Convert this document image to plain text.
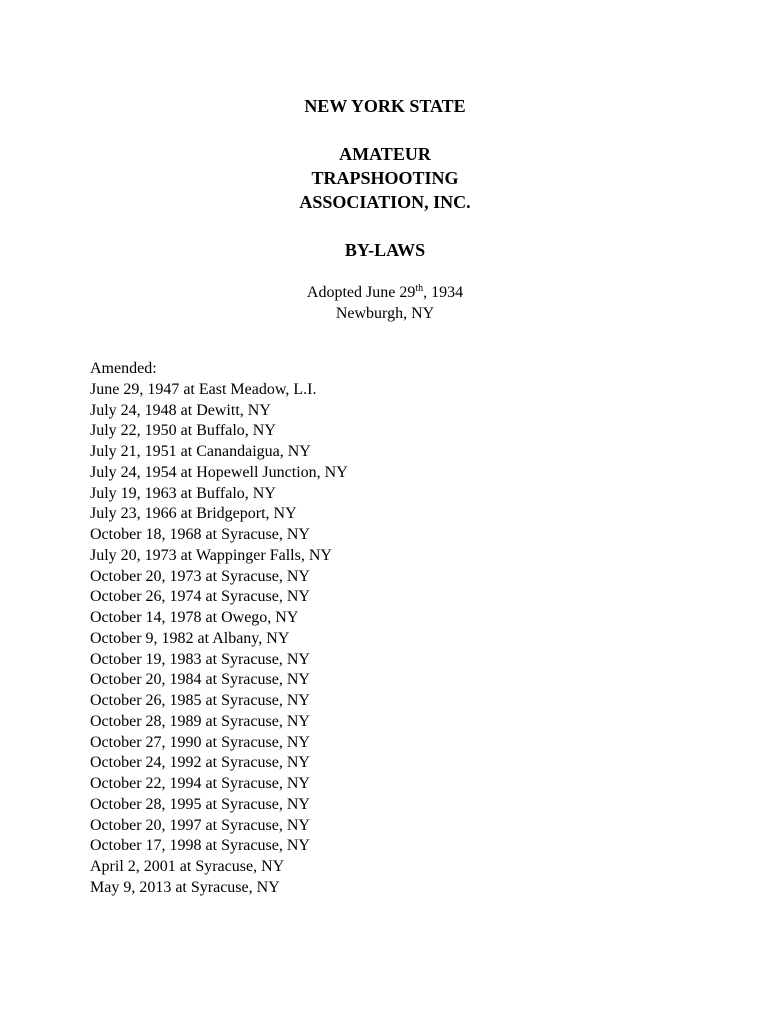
NEW YORK STATE
AMATEUR
TRAPSHOOTING
ASSOCIATION, INC.
BY-LAWS
Adopted June 29th, 1934
Newburgh, NY
Amended:
June 29, 1947 at East Meadow, L.I.
July 24, 1948 at Dewitt, NY
July 22, 1950 at Buffalo, NY
July 21, 1951 at Canandaigua, NY
July 24, 1954 at Hopewell Junction, NY
July 19, 1963 at Buffalo, NY
July 23, 1966 at Bridgeport, NY
October 18, 1968 at Syracuse, NY
July 20, 1973 at Wappinger Falls, NY
October 20, 1973 at Syracuse, NY
October 26, 1974 at Syracuse, NY
October 14, 1978 at Owego, NY
October 9, 1982 at Albany, NY
October 19, 1983 at Syracuse, NY
October 20, 1984 at Syracuse, NY
October 26, 1985 at Syracuse, NY
October 28, 1989 at Syracuse, NY
October 27, 1990 at Syracuse, NY
October 24, 1992 at Syracuse, NY
October 22, 1994 at Syracuse, NY
October 28, 1995 at Syracuse, NY
October 20, 1997 at Syracuse, NY
October 17, 1998 at Syracuse, NY
April 2, 2001 at Syracuse, NY
May 9, 2013 at Syracuse, NY
